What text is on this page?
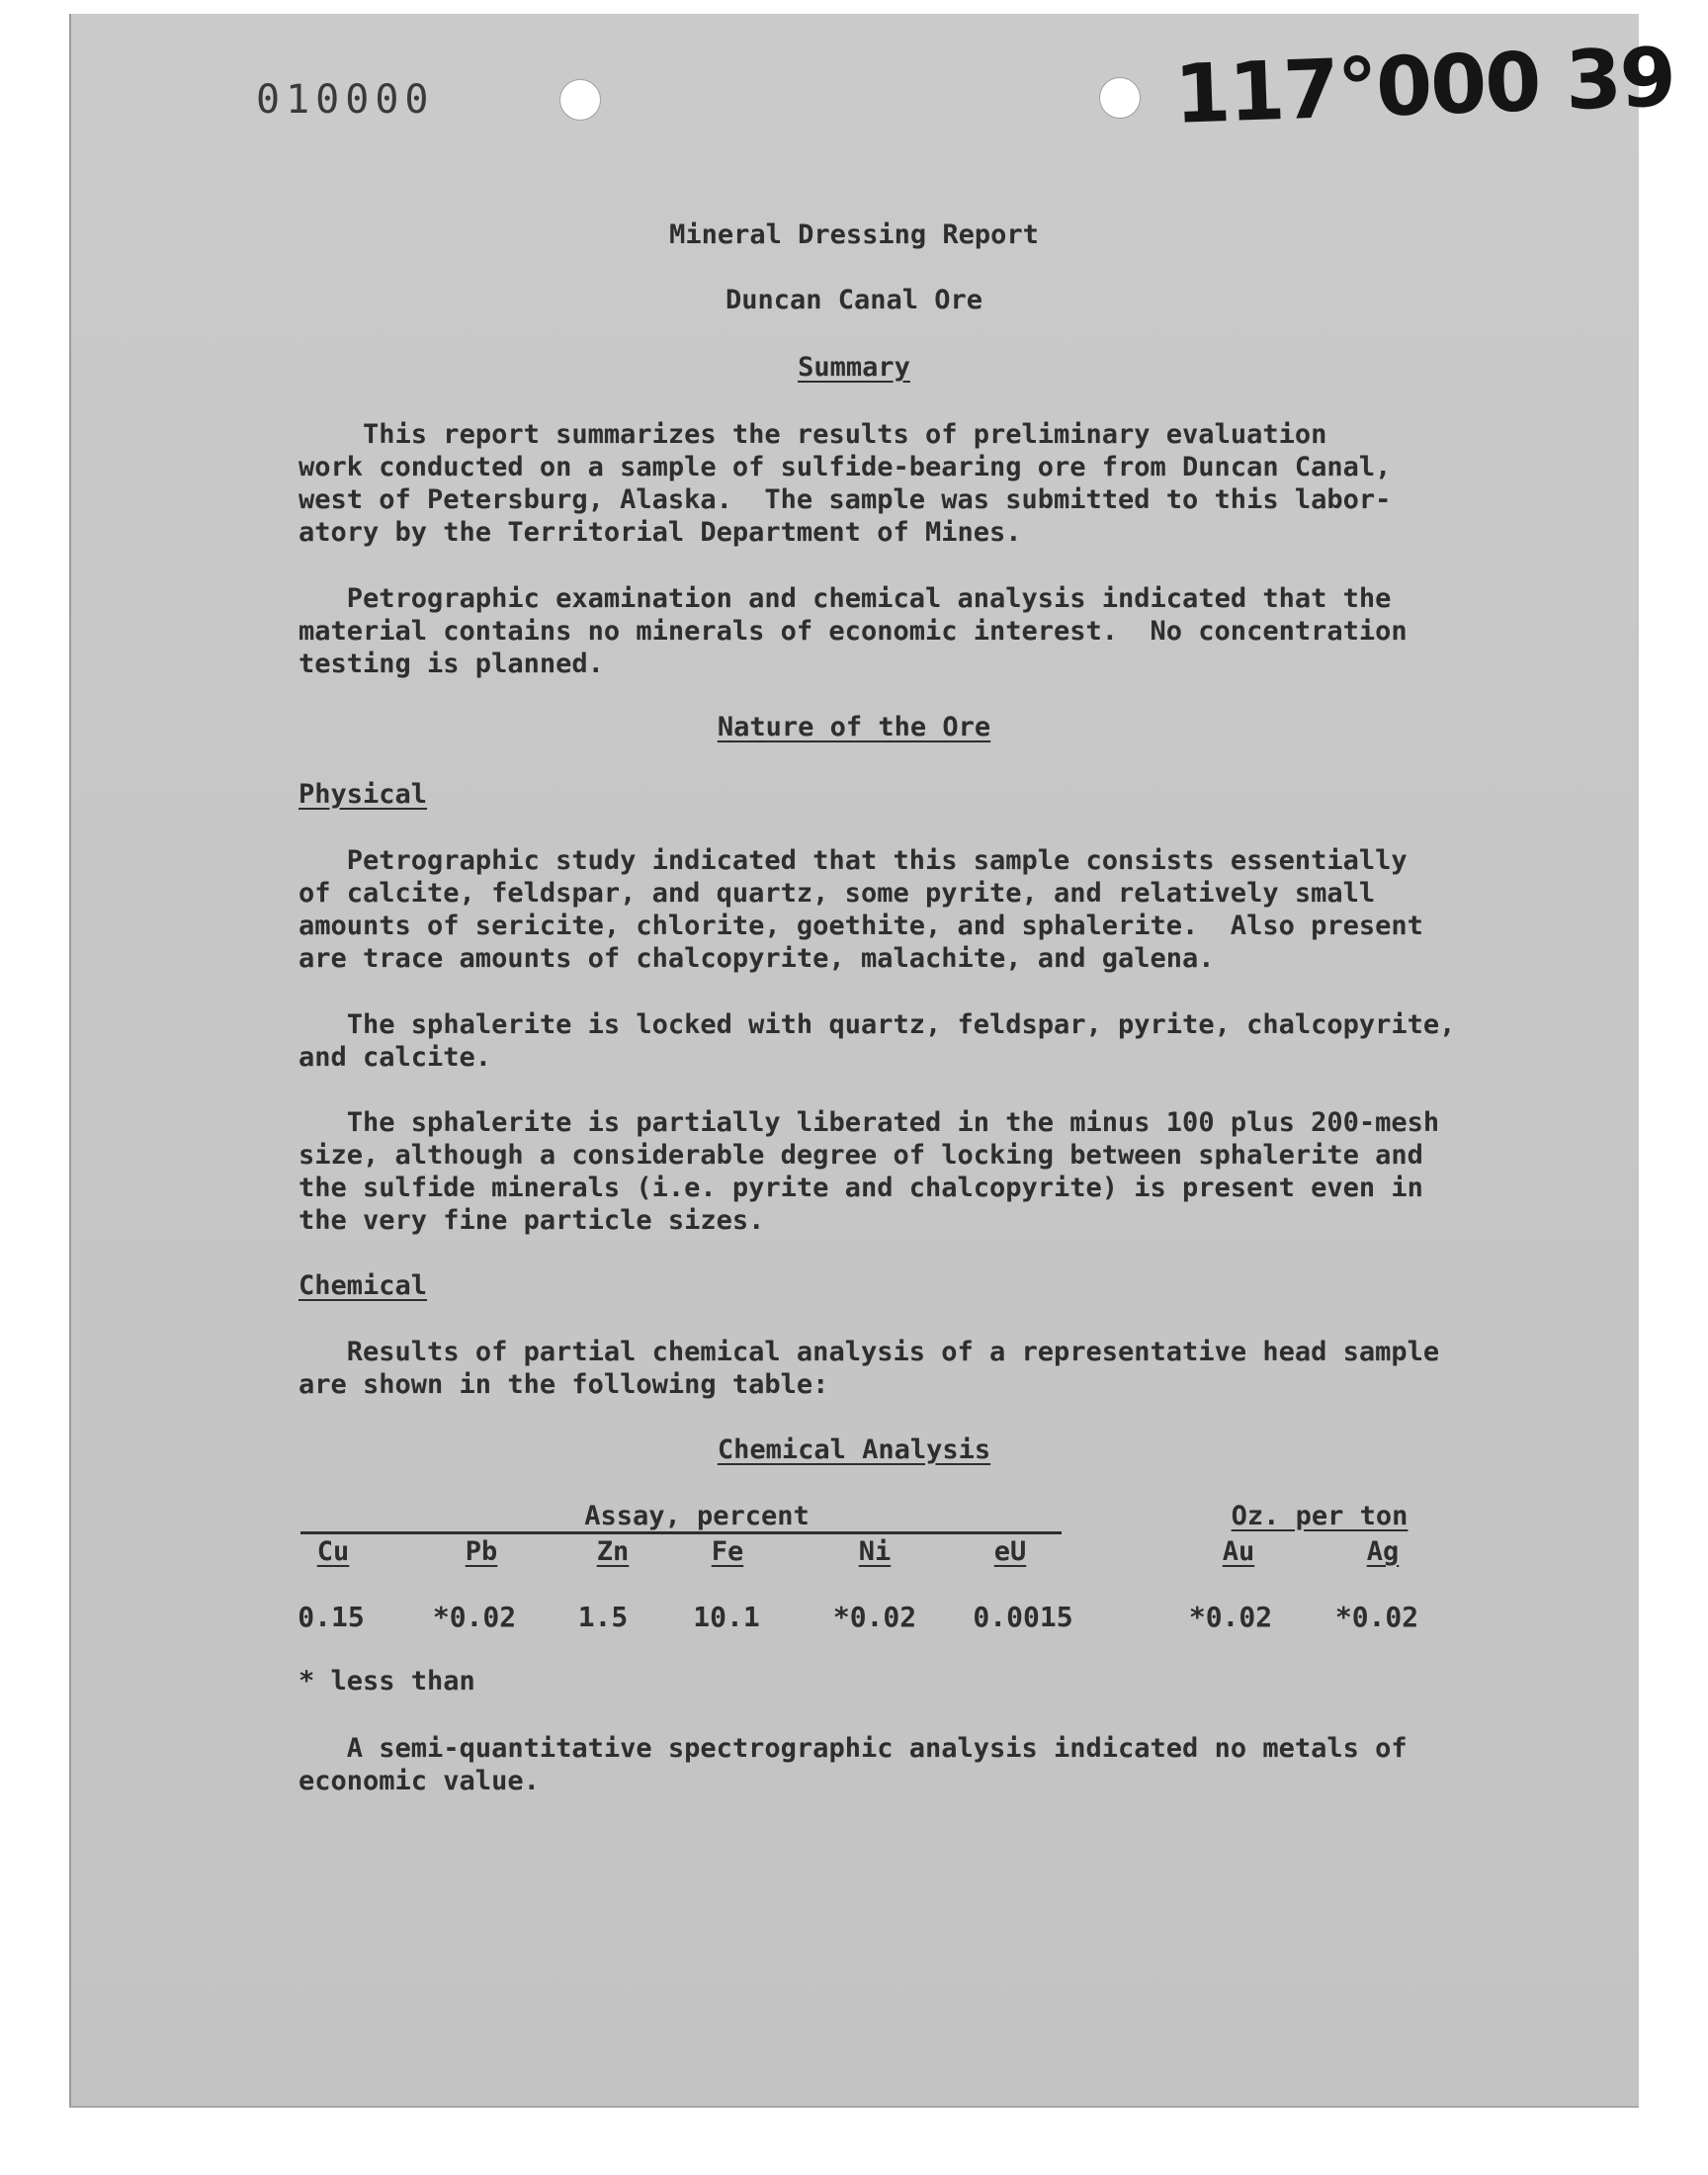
010000	117°000 39
Mineral Dressing Report
Duncan Canal Ore
Summary

This report summarizes the results of preliminary evaluation
work conducted on a sample of sulfide-bearing ore from Duncan Canal,
west of Petersburg, Alaska.  The sample was submitted to this labor-
atory by the Territorial Department of Mines.

Petrographic examination and chemical analysis indicated that the
material contains no minerals of economic interest.  No concentration
testing is planned.

Nature of the Ore
Physical

Petrographic study indicated that this sample consists essentially
of calcite, feldspar, and quartz, some pyrite, and relatively small
amounts of sericite, chlorite, goethite, and sphalerite.  Also present
are trace amounts of chalcopyrite, malachite, and galena.

The sphalerite is locked with quartz, feldspar, pyrite, chalcopyrite,
and calcite.

The sphalerite is partially liberated in the minus 100 plus 200-mesh
size, although a considerable degree of locking between sphalerite and
the sulfide minerals (i.e. pyrite and chalcopyrite) is present even in
the very fine particle sizes.

Chemical

Results of partial chemical analysis of a representative head sample
are shown in the following table:

Chemical Analysis
Assay, percent	Oz. per ton
Cu	Pb	Zn	Fe	Ni	eU	Au	Ag
0.15	*0.02	1.5	10.1	*0.02	0.0015	*0.02	*0.02
* less than

A semi-quantitative spectrographic analysis indicated no metals of
economic value.
